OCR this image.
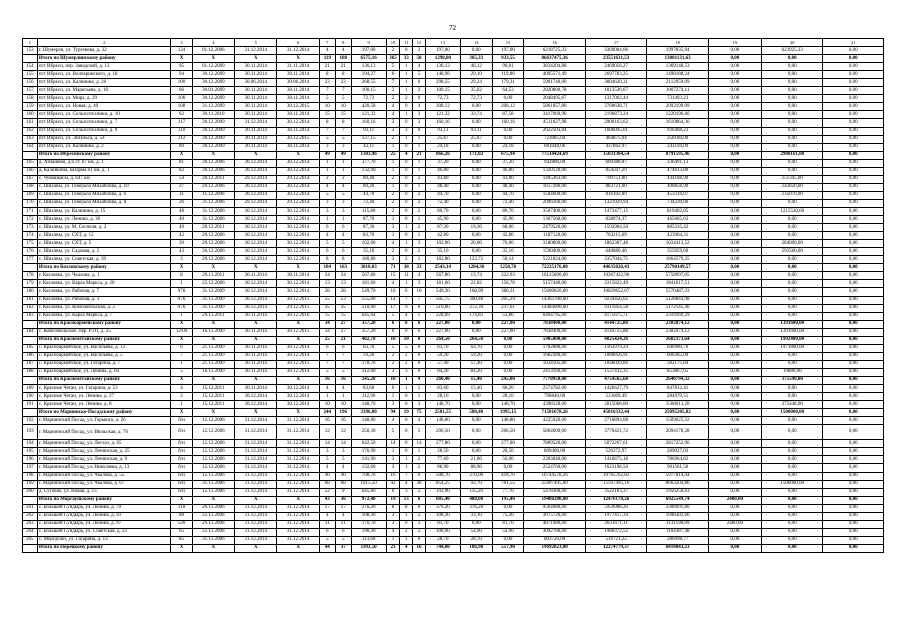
72
1	2	3	4	5	6	7	8	9	10	11	12	13	14	15	16	17	18	19	20	21
153	г. Шумерля, ул. Тургенева, д. 32	124	01.12.2006	31.12.2014	31.12.2014	4	4	197,00	2	0	2	197,00	0,00	197,00	6218725,33	3369084,06	1997835,94	0,00	623925,33	0,00
	Итого по Шумерлинскому району	X	X	X	X	119	108	6575,16	365	33	58	1298,80	365,33	933,55	86637475,36	23551631,53	13081131,63	0,00	0,00	0,00
154	пгт Ибреси, пер. Заводской, д. 13	95	01.12.2009	30.11.2014	31.11.2014	21	21	136,13	5	1	4	136,13	46,12	90,01	3834204,88	2469056,27	1369148,53	0,00	0,00	0,00
155	пгт Ибреси, ул. Волчеринского, д. 18	94	30.12.2009	30.11.2014	30.11.2014	8	8	194,27	6	1	5	148,96	29,10	119,86	4095571,49	2697783,25	1498188,24	0,00	0,00	0,00
156	пгт Ибреси, ул. Калинина, д. 26	100	30.12.2009	30.06.2014	30.06.2014	23	23	268,55	7	1	6	298,55	29,24	179,31	5901740,00	3804620,31	2112959,09	0,00	0,00	0,00
157	пгт Ибреси, ул. Маресьева, д. 18	66	30.01.2009	30.11.2014	30.11.2014	7	7	100,15	3	1	2	100,15	35,62	64,53	2820800,78	1813526,67	1007274,11	0,00	0,00	0,00
158	пгт Ибреси, ул. Мира, д. 29	106	30.12.2009	30.11.2014	30.11.2014	5	5	72,73	2	2	0	72,73	72,73	0,00	2048495,67	1317002,44	731493,23	0,00	0,00	0,00
159	пгт Ибреси, ул. Новая, д. 40	108	31.12.2009	30.11.2014	30.12.2015	10	10	420,58	4	0	4	208,12	0,00	208,12	5861857,80	3768638,71	2093199,09	0,00	0,00	0,00
160	пгт Ибреси, ул. Сельхозтехники, д. 10	62	30.11.2010	30.11.2014	30.11.2014	15	15	121,32	4	1	3	121,32	33,74	87,58	3417069,90	2196873,24	1220196,66	0,00	0,00	0,00
161	пгт Ибреси, ул. Сельхозтехники, д. 7	117	30.12.2009	31.12.2014	30.12.2014	8	8	160,16	3	0	3	160,16	0,00	160,16	4511027,98	2900163,62	1610864,36	0,00	0,00	0,00
162	пгт Ибреси, ул. Сельхозтехники, д. 9	110	30.12.2009	30.11.2014	30.11.2014	7	7	93,11	3	3	0	93,11	93,11	0,00	2622503,84	1686045,61	936468,23	0,00	0,00	0,00
163	пгт Ибреси, ул. Энгельса, д. 54	112	30.12.2009	30.11.2014	30.12.2015	5	5	127,15	2	1	1	25,67	25,67	0,00	723085,04	464875,04	258180,00	0,00	0,00	0,00
164	пгт Ибреси, ул. Калинина, д. 2	89	30.12.2009	30.11.2014	30.11.2014	3	3	42,11	1	0	1	24,18	0,00	24,18	681048,06	437862,97	243194,09	0,00	0,00	0,00
	Итого по Ибресинскому району	X	X	X	X	49	49	1303,96	25	4	21	866,26	171,02	675,94	77514424,69	15031304,54	8791595,46	0,00	2900161,00	0,00
165	д. Атнашево, д.б ст. 87 км, д. 1	81	30.12.2006	30.12.2014	30.12.2014	1	1	377,70	1	0	1	37,20	0,00	37,20	942880,00	609388,87	336491,13	0,00	0,00	0,00
166	д. Калинкина, казарма 81 км, д. 1	82	30.12.2006	30.12.2014	30.12.2014	1	1	132,90	1	0	1	46,80	0,00	46,80	1329120,00	854507,29	474613,80	0,00	0,00	0,00
167	с. Чувашкасы, д. 647 км	54	28.12.2011	29.12.2014	29.12.2014	2	2	89,40	2	0	2	43,80	0,00	43,80	1495263,00	799751,80	444188,90	0,00	251345,00	0,00
168	с. Шиханы, ул. Генерала Михайлова, д. 10	27	29.12.2006	30.12.2014	30.12.2014	4	4	89,20	1	0	1	48,40	0,00	48,40	1617280,00	883721,00	490858,90	0,00	242820,00	0,00
169	с. Шиханы, ул. Генерала Михайлова, д. 6	31	11.12.2006	30.12.2014	30.12.2014	5	5	44,70	2	0	2	44,70	0,00	44,70	1504600,00	816102,89	453316,07	0,00	235070,00	0,00
170	с. Шиханы, ул. Генерала Михайлова, д. 8	26	31.12.2006	29.12.2014	29.12.2014	3	3	72,40	2	0	2	72,40	0,00	72,40	2096160,00	1321929,94	734230,06	0,00	0,00	0,00
171	с. Шиханы, ул. Калинина, д. 15	48	31.12.2006	30.12.2014	30.12.2014	3	3	115,80	2	0	2	80,70	0,00	80,70	3507400,00	1473477,15	819402,85	0,00	1215520,00	0,00
172	с. Шиханы, ул. Ленина, д. 30	40	31.12.2006	30.12.2014	30.12.2014	1	1	87,70	1	0	1	45,90	0,00	45,90	1307568,00	838074,37	465685,63	0,00	0,00	0,00
173	с. Шиханы, ул. М. Сеспеля, д. 2	49	28.12.2011	30.12.2014	30.12.2014	6	6	87,30	3	1	2	87,30	19,30	68,00	2479520,00	1593984,50	885335,42	0,00	0,00	0,00
174	с. Шиханы, ул. СХТ, д. 12	42	29.12.2006	30.12.2014	30.12.2014	4	4	83,70	1	0	1	42,80	0,00	42,80	1187120,00	763215,69	423904,31	0,00	0,00	0,00
175	с. Шиханы, ул. СХТ, д. 5	39	29.12.2006	30.12.2014	30.12.2014	5	5	102,00	4	1	3	102,00	26,00	76,00	3180800,00	1862387,48	1034413,52	0,00	284000,00	0,00
176	с. Шиханы, ул. Садовая, д. 2	43	30.12.2006	30.12.2014	30.12.2014	6	6	35,10	2	0	2	35,10	0,00	35,10	1590400,00	640880,40	355959,60	0,00	593560,00	0,00
177	с. Шиханы, ул. Советская, д. 39	3	29.12.2006	30.12.2014	30.12.2014	8	8	180,80	3	2	1	182,80	123,72	58,14	5221824,00	3357044,75	1864579,25	0,00	0,00	0,00
	Итого по Козловскому району	X	X	X	X	184	163	3018,83	71	38	33	2543,14	1284,36	1258,78	72225176,00	44635026,43	25790149,57	0,00	0,00	0,00
178	г. Козловка, ул. Чкалова, д. 1	8	29.11.2011	30.11.2014	30.11.2014	24	24	567,80	15	11	4	567,80	13,74	222,93	16125800,00	10367422,96	5758097,05	0,00	0,00	0,00
179	г. Козловка, ул. Карла Маркса, д. 20	1	25.12.2006	30.12.2014	30.12.2014	13	13	181,60	4	1	3	181,60	22,82	158,78	5157440,00	3315822,49	1841617,51	0,00	0,00	0,00
180	г. Козловка, ул. Рабочая, д. 7	976	31.12.2009	30.12.2014	30.12.2014	28	28	549,70	16	6	10	549,30	168,99	380,31	15600820,00	10029652,67	5570487,33	0,00	0,00	0,00
181	г. Козловка, ул. Рабочая, д. 3	976	31.12.2009	30.12.2014	30.12.2015	55	53	555,00	14	7	7	505,75	300,46	205,29	14363700,00	9234456,02	5128843,98	0,00	0,00	0,00
182	г. Козловка, ул. Комсомольская, д. 2	976	31.12.2009	30.12.2014	29.12.2015	35	35	510,00	17	9	8	510,00	272,39	237,61	14484000,00	9311854,58	5172145,40	0,00	0,00	0,00
183	г. Козловка, ул. Карла Маркса, д. 7	1	29.11.2011	30.11.2014	30.12.2016	15	15	645,64	5	4	1	228,69	174,83	53,86	6494795,00	4175675,71	2319169,29	0,00	0,00	0,00
	Итого по Красноармейскому району	X	X	X	X	34	27	357,20	6	0	6	227,00	0,00	227,00	7838400,00	4144725,88	2302074,12	0,00	1391600,00	0,00
184	с. Комсомольское, пер. РТП, д. 25	12/09	16.12.2009	30.11.2014	30.12.2015	34	27	357,20	6	0	6	227,00	0,00	227,00	7838400,00	4144725,88	2302074,12	0,00	1391600,00	0,00
	Итого по Красночетайскому району	X	X	X	X	25	21	402,70	10	10	0	264,50	264,50	0,00	5905000,00	4825424,26	2682373,64	0,00	1992400,00	0,00
185	с. Красноармейское, ул. Васильева, д. 12	6	21.12.2009	30.11.2014	30.12.2014	6	6	63,70	5	5	0	63,70	63,70	0,00	1782880,00	1163979,24	646900,76	0,00	1971800,00	0,00
186	с. Красноармейское, ул. Васильева, д. 5	7	21.12.2009	30.11.2014	30.12.2014	7	7	59,20	2	2	0	59,20	59,20	0,00	1682280,00	1080856,91	600385,09	0,00	0,00	0,00
187	с. Красноармейское, ул. Гагарина, д. 7	1	21.12.2009	30.11.2014	30.12.2015	7	7	178,70	2	2	0	57,40	57,40	0,00	1634105,80	1048029,86	582175,84	0,00	0,00	0,00
188	с. Красноармейское, ул. Ленина, д. 64	5	18.12.2009	30.11.2014	30.12.2014	5	5	312,00	3	3	0	84,20	84,20	0,00	2413160,00	1537432,35	853867,65	0,00	19880,00	0,00
	Итого по Красночетайскому району	X	X	X	X	16	16	245,20	10	1	9	260,40	15,40	245,00	7770950,00	4754565,68	2640794,32	0,00	375590,00	0,00
189	с. Красные Четаи, ул. Гагарина, д. 53	4	15.12.2011	30.11.2014	30.12.2014	4	4	83,60	6	1	5	83,60	15,40	68,20	2574782,00	1426627,79	847812,41	0,00	0,00	0,00
190	с. Красные Четаи, ул. Ленина, д. 27	2	15.12.2011	30.12.2014	30.12.2014	1	1	112,90	1	0	1	28,10	0,00	28,10	798840,00	513069,49	284970,51	0,00	0,00	0,00
191	с. Красные Четаи, ул. Ленина, д. 8	1	15.12.2011	30.12.2014	30.12.2014	10	10	148,70	3	0	3	148,70	0,00	148,70	4398328,00	2815068,00	1568013,20	0,00	375448,00	0,00
	Итого по Мариинско-Посадскому району	X	X	X	X	244	196	3396,80	94	19	75	2581,55	588,40	1995,15	71501678,26	45016332,44	25095205,82	0,00	1500000,00	0,00
192	г. Мариинский Посад, ул. Горького, д. 26	б/н	12.12.2006	31.12.2014	31.12.2014	16	16	148,80	4	0	4	148,80	0,00	148,80	4225920,00	2716894,68	1509025,32	0,00	0,00	0,00
193	г. Мариинский Посад, ул. Июльская, д. 76	б/н	12.12.2006	31.12.2014	31.12.2014	12	12	250,30	5	0	5	206,50	0,00	206,50	5864600,00	3770421,72	2094178,28	0,00	0,00	0,00
194	г. Мариинский Посад, ул. Лесхоз, д. 65	б/н	12.12.2006	31.12.2014	31.12.2014	14	14	642,50	14	0	14	277,80	0,00	277,80	7889520,00	5072267,61	2817252,96	0,00	0,00	0,00
195	г. Мариинский Посад, ул. Ленинская, д. 25	б/н	12.12.2006	31.12.2014	31.12.2014	3	3	176,90	1	0	1	28,50	0,00	28,50	809400,00	520372,97	289027,03	0,00	0,00	0,00
196	г. Мариинский Посад, ул. Ленинская, д. 9	б/н	12.12.2006	31.12.2014	31.12.2014	5	5	141,90	3	1	2	77,60	21,60	56,00	2203840,00	1416875,18	786964,82	0,00	0,00	0,00
197	г. Мариинский Посад, ул. Николаева, д. 13	б/н	12.12.2006	31.12.2014	31.12.2014	4	4	132,60	3	1	2	88,90	88,90	0,00	2524760,00	1623198,50	901561,50	0,00	0,00	0,00
198	г. Мариинский Посад, ул. Чкалова, д. 55	б/н	12.12.2006	31.12.2014	31.12.2014	46	46	708,70	16	7	9	508,70	270,00	418,70	16744578,26	10765762,82	5977814,44	0,00	0,00	0,00
199	г. Мариинский Посад, ул. Чкалова, д. 67	б/н	31.12.2006	31.12.2014	31.12.2014	68	68	1015,50	42	4	38	854,25	92,70	761,55	25907495,00	15597495,16	8663204,86	0,00	1500000,00	0,00
200	д. Сутчево, ул. Новая, д. 15	б/н	12.12.2006	31.12.2014	31.12.2014	52	9	645,60	6	3	2	192,90	115,20	77,70	5478360,00	3522103,37	1956256,63	0,00	0,00	0,00
	Итого по Моргаушскому району	X	X	X	X	43	36	972,40	19	13	6	685,40	488,00	195,40	19408200,00	12476170,26	6925549,74	2480,00	0,00	0,00
201	с. Большой Сундырь, ул. Ленина, д. 79	118	26.12.2006	31.12.2014	31.12.2014	17	17	376,20	8	8	0	376,20	376,20	0,00	9564980,00	5959988,20	3308991,80	0,00	0,00	0,00
202	с. Большой Сундырь, ул. Ленина, д. 93	88	22.11.2006	31.12.2014	31.12.2014	4	4	108,30	3	1	2	108,30	33,10	75,20	3075720,00	1977417,34	1098302,66	0,00	0,00	0,00
203	с. Большой Сундырь, ул. Ленина, д. 97	120	29.11.2006	31.12.2014	31.12.2014	11	11	176,70	3	0	3	81,70	0,00	81,70	4871980,00	2031671,11	1131198,89	2480,00	0,00	0,00
204	с. Большой Сундырь, ул. Советская, д. 22	65	22.11.2006	31.12.2014	31.12.2014	6	6	190,30	4	2	2	108,90	54,90	54,90	3092760,00	1988372,52	1104387,48	0,00	0,00	0,00
205	с. Моргауши, ул. Гагарина, д. 13	85	31.12.2006	31.12.2014	31.12.2014	5	5	113,60	1	1	0	28,70	28,70	0,00	803720,00	516721,22	286998,77	0,00	0,00	0,00
	Итого по Порецкому району	X	X	X	X	44	37	1103,50	23	4	16	744,80	186,90	557,90	19692823,00	12274779,37	6818043,23	0,00	0,00	0,00
